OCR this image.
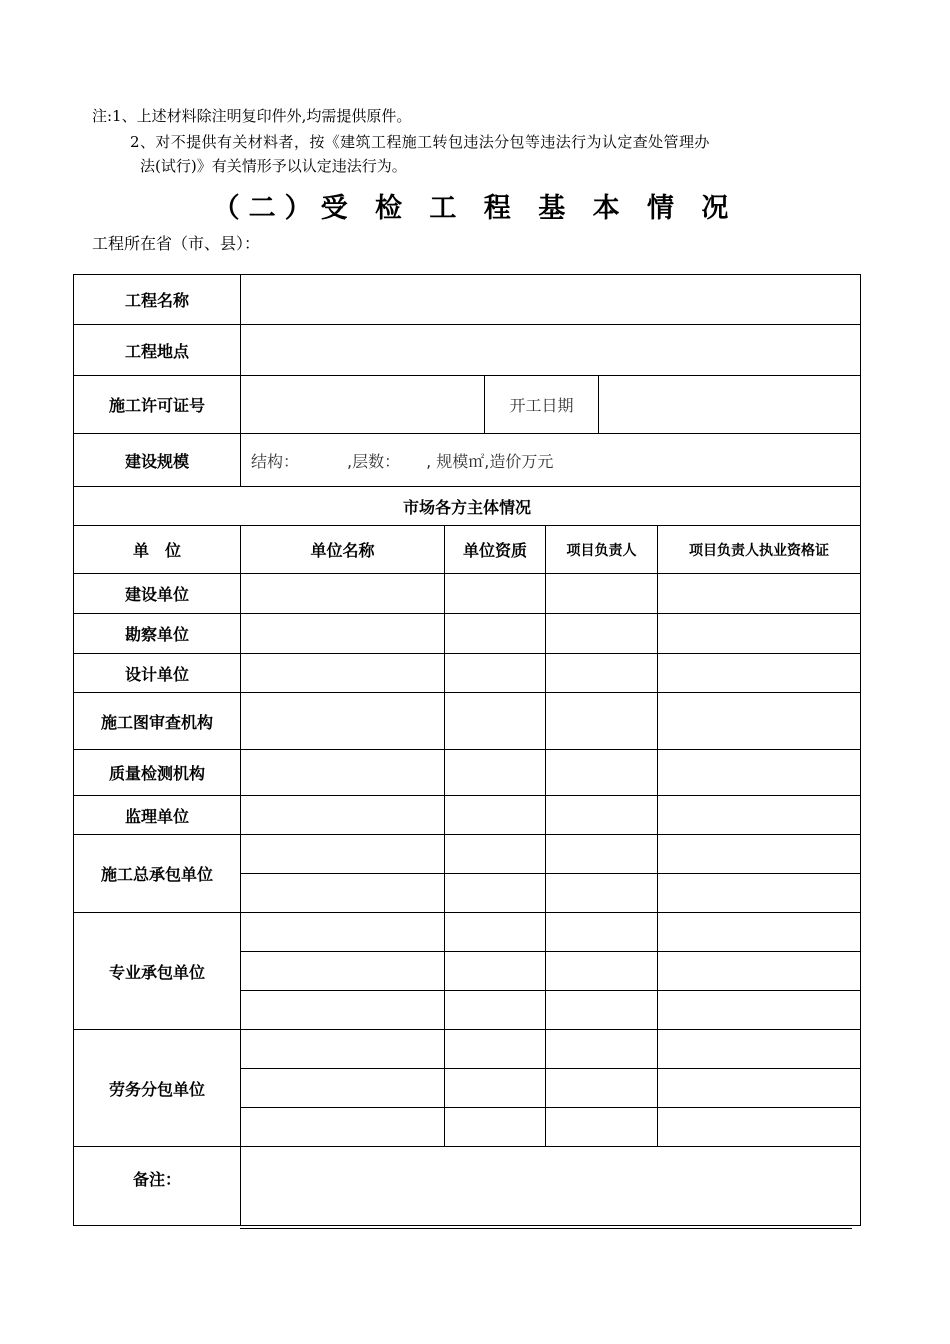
注:1、上述材料除注明复印件外,均需提供原件。
2、对不提供有关材料者，按《建筑工程施工转包违法分包等违法行为认定查处管理办
法(试行)》有关情形予以认定违法行为。
（二）受 检 工 程 基 本 情 况
工程所在省（市、县）：
工程名称						
工程地点						
施工许可证号			开工日期			
建设规模	结构： ,层数： , 规模㎡,造价万元					
市场各方主体情况						
单　位	单位名称	单位资质		项目负责人		项目负责人执业资格证
建设单位						
勘察单位						
设计单位						
施工图审查机构						
质量检测机构						
监理单位						
施工总承包单位						

专业承包单位						

劳务分包单位						

备注：						
